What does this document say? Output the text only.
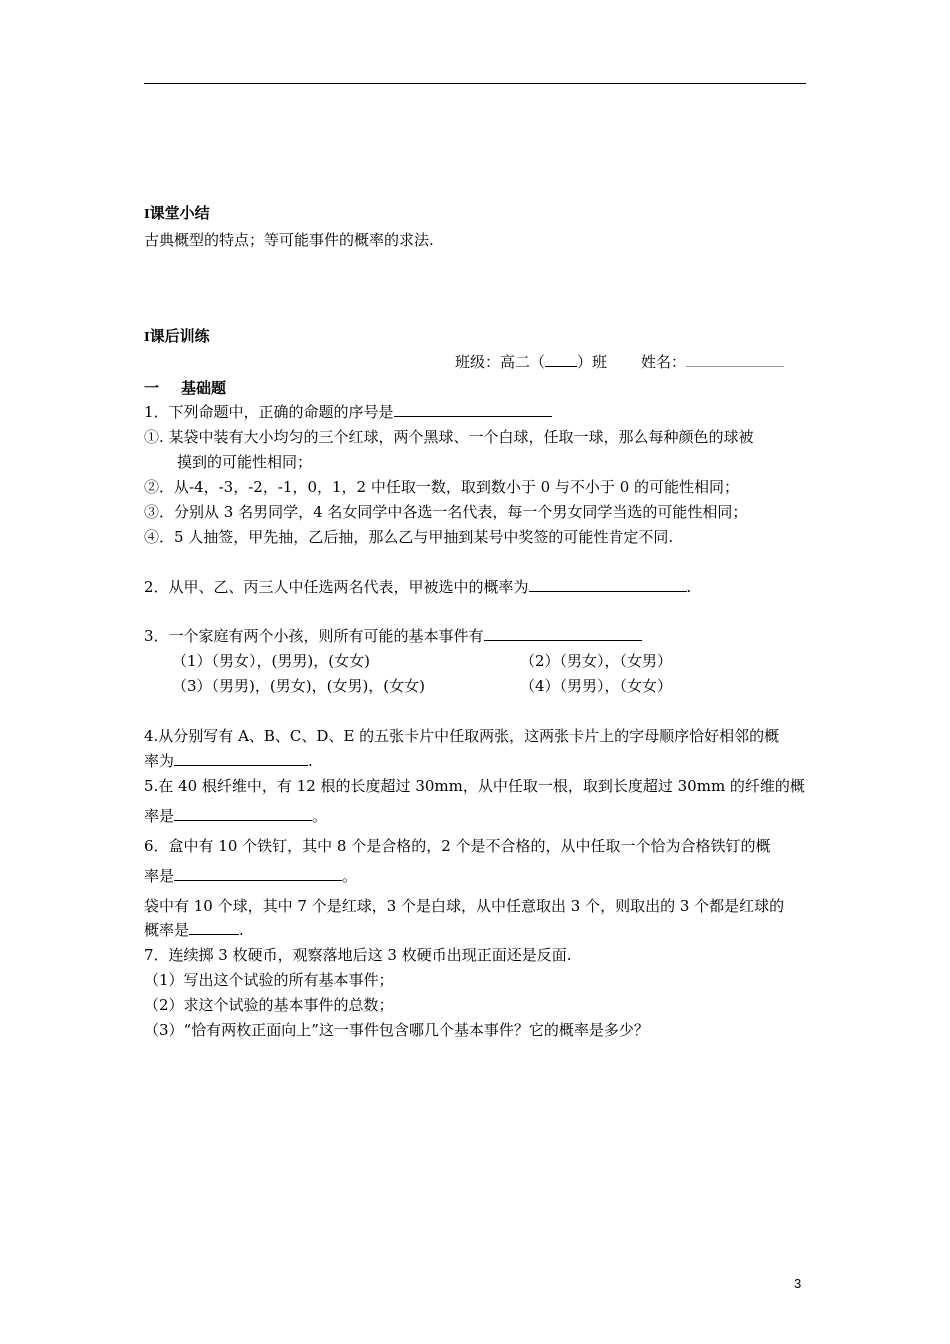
I课堂小结
古典概型的特点；等可能事件的概率的求法.
I课后训练
班级：高二（ ）班 姓名：
一 基础题
1．下列命题中，正确的命题的序号是
①. 某袋中装有大小均匀的三个红球，两个黑球、一个白球，任取一球，那么每种颜色的球被
摸到的可能性相同；
②．从-4，-3，-2，-1，0，1，2 中任取一数，取到数小于 0 与不小于 0 的可能性相同；
③．分别从 3 名男同学，4 名女同学中各选一名代表，每一个男女同学当选的可能性相同；
④．5 人抽签，甲先抽，乙后抽，那么乙与甲抽到某号中奖签的可能性肯定不同.
2．从甲、乙、丙三人中任选两名代表，甲被选中的概率为	.
3．一个家庭有两个小孩，则所有可能的基本事件有
（1）（男女），(男男)，(女女)	（2）（男女），（女男）
（3）（男男)，(男女)，(女男)，(女女)	（4）（男男），（女女）
4.从分别写有 A、B、C、D、E 的五张卡片中任取两张，这两张卡片上的字母顺序恰好相邻的概
率为	.
5.在 40 根纤维中，有 12 根的长度超过 30mm，从中任取一根，取到长度超过 30mm 的纤维的概
率是	。
6．盒中有 10 个铁钉，其中 8 个是合格的，2 个是不合格的，从中任取一个恰为合格铁钉的概
率是	。
袋中有 10 个球，其中 7 个是红球，3 个是白球，从中任意取出 3 个，则取出的 3 个都是红球的
概率是	.
7．连续掷 3 枚硬币，观察落地后这 3 枚硬币出现正面还是反面.
（1）写出这个试验的所有基本事件；
（2）求这个试验的基本事件的总数；
（3）“恰有两枚正面向上”这一事件包含哪几个基本事件？它的概率是多少？
3
